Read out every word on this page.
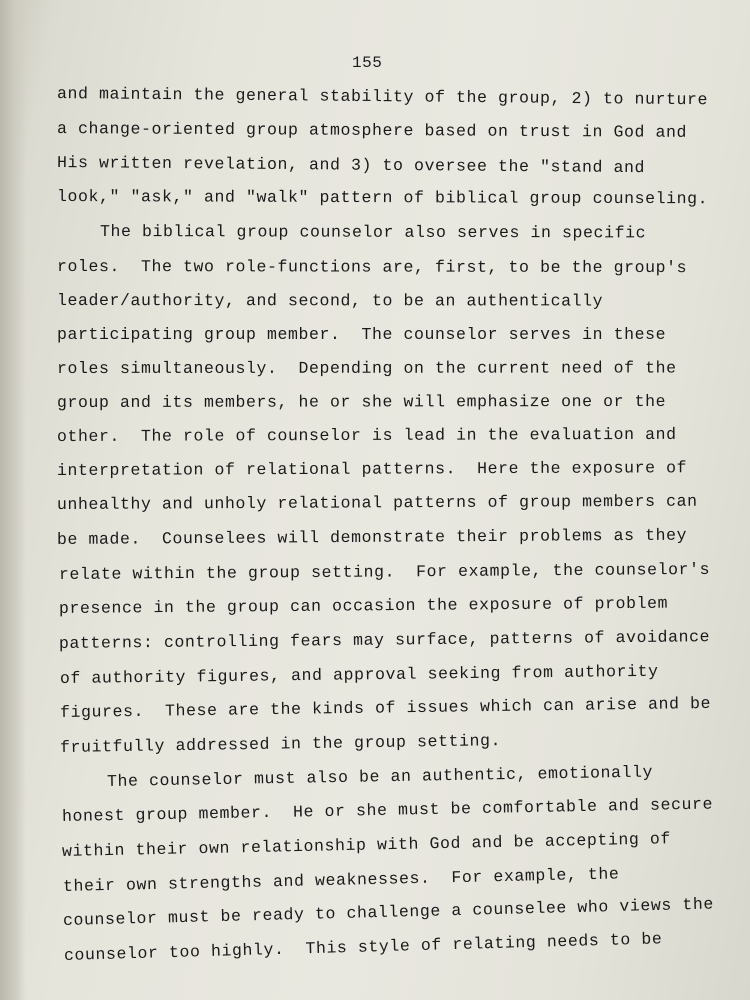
155
and maintain the general stability of the group, 2) to nurture
a change-oriented group atmosphere based on trust in God and
His written revelation, and 3) to oversee the "stand and
look," "ask," and "walk" pattern of biblical group counseling.
The biblical group counselor also serves in specific
roles.  The two role-functions are, first, to be the group's
leader/authority, and second, to be an authentically
participating group member.  The counselor serves in these
roles simultaneously.  Depending on the current need of the
group and its members, he or she will emphasize one or the
other.  The role of counselor is lead in the evaluation and
interpretation of relational patterns.  Here the exposure of
unhealthy and unholy relational patterns of group members can
be made.  Counselees will demonstrate their problems as they
relate within the group setting.  For example, the counselor's
presence in the group can occasion the exposure of problem
patterns: controlling fears may surface, patterns of avoidance
of authority figures, and approval seeking from authority
figures.  These are the kinds of issues which can arise and be
fruitfully addressed in the group setting.
The counselor must also be an authentic, emotionally
honest group member.  He or she must be comfortable and secure
within their own relationship with God and be accepting of
their own strengths and weaknesses.  For example, the
counselor must be ready to challenge a counselee who views the
counselor too highly.  This style of relating needs to be
